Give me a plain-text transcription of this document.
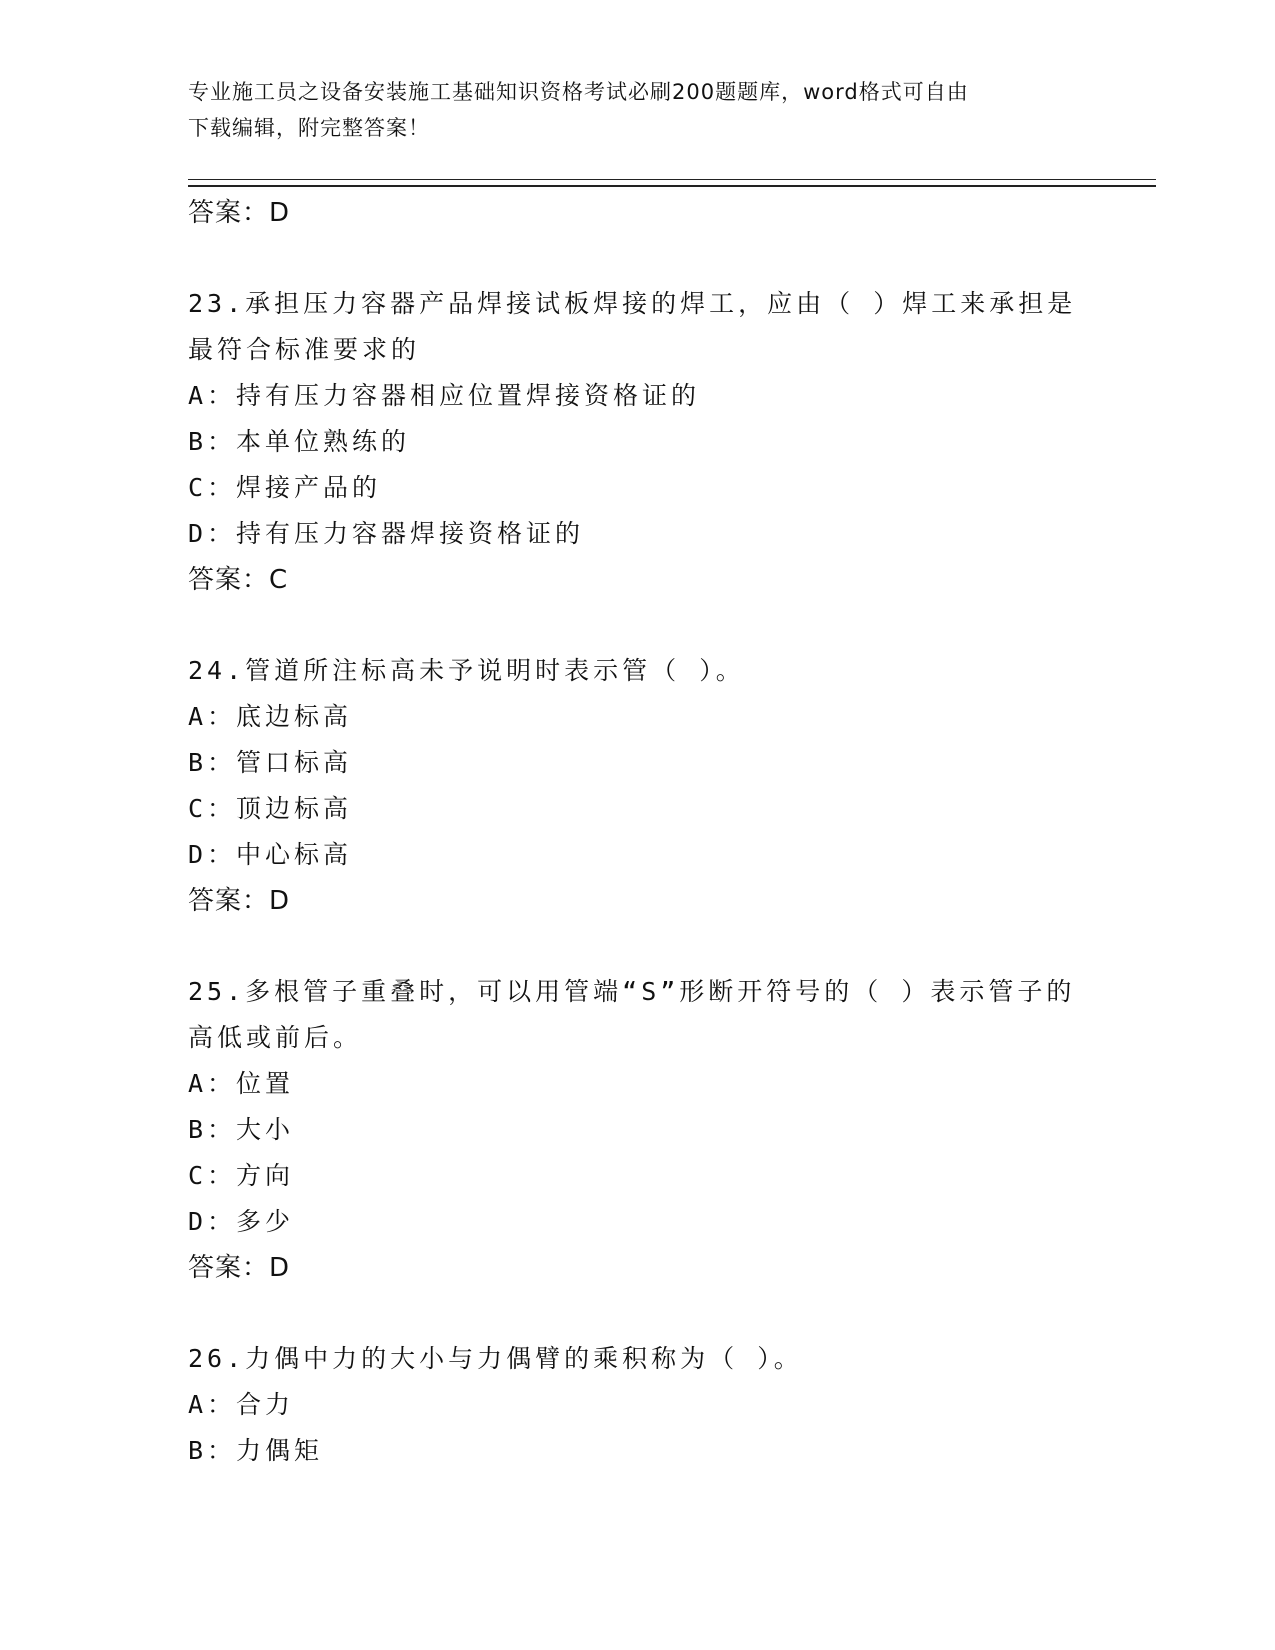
专业施工员之设备安装施工基础知识资格考试必刷200题题库，word格式可自由
下载编辑，附完整答案！
答案：D
23.承担压力容器产品焊接试板焊接的焊工，应由（ ）焊工来承担是
最符合标准要求的
A：持有压力容器相应位置焊接资格证的
B：本单位熟练的
C：焊接产品的
D：持有压力容器焊接资格证的
答案：C
24.管道所注标高未予说明时表示管（ ）。
A：底边标高
B：管口标高
C：顶边标高
D：中心标高
答案：D
25.多根管子重叠时，可以用管端“S”形断开符号的（ ）表示管子的
高低或前后。
A：位置
B：大小
C：方向
D：多少
答案：D
26.力偶中力的大小与力偶臂的乘积称为（ ）。
A：合力
B：力偶矩
